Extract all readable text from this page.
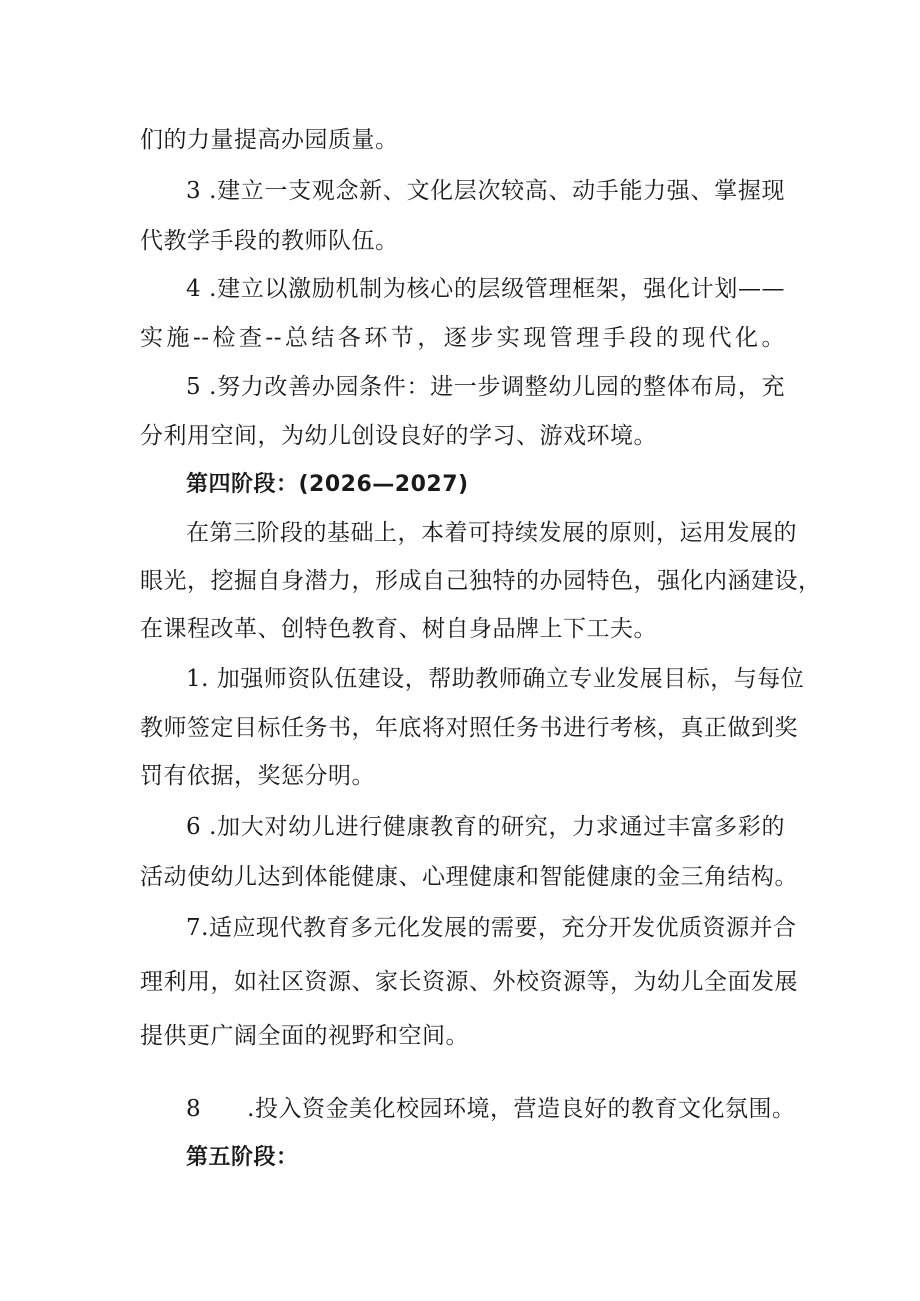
们的力量提高办园质量。
3 .建立一支观念新、文化层次较高、动手能力强、掌握现
代教学手段的教师队伍。
4 .建立以激励机制为核心的层级管理框架，强化计划——
实施--检查--总结各环节，逐步实现管理手段的现代化。
5 .努力改善办园条件：进一步调整幼儿园的整体布局，充
分利用空间，为幼儿创设良好的学习、游戏环境。
第四阶段：(2026—2027)
在第三阶段的基础上，本着可持续发展的原则，运用发展的
眼光，挖掘自身潜力，形成自己独特的办园特色，强化内涵建设，
在课程改革、创特色教育、树自身品牌上下工夫。
1. 加强师资队伍建设，帮助教师确立专业发展目标，与每位
教师签定目标任务书，年底将对照任务书进行考核，真正做到奖
罚有依据，奖惩分明。
6 .加大对幼儿进行健康教育的研究，力求通过丰富多彩的
活动使幼儿达到体能健康、心理健康和智能健康的金三角结构。
7.适应现代教育多元化发展的需要，充分开发优质资源并合
理利用，如社区资源、家长资源、外校资源等，为幼儿全面发展
提供更广阔全面的视野和空间。
8 .投入资金美化校园环境，营造良好的教育文化氛围。
第五阶段：
